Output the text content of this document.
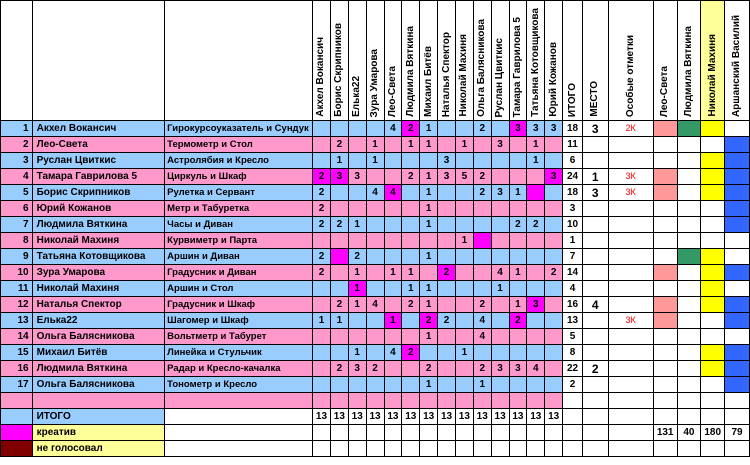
			Акхел Вокансич	Борис Скрипников	Елька22	Зура Умарова	Лео-Света	Людмила Вяткина	Михаил Битёв	Наталья Спектор	Николай Махиня	Ольга Балясникова	Руслан Цвиткис	Тамара Гаврилова 5	Татьяна Котовщикова	Юрий Кожанов	ИТОГО	МЕСТО	Особые отметки	Лео-Света	Людмила Вяткина	Николай Махиня	Аршанский Василий
1	Акхел Вокансич	Гирокурсоуказатель и Сундук					4	2	1			2		3	3	3	18	3	2К				
2	Лео-Света	Термометр и Стол		2		1		1	1		1		3		1		11						
3	Руслан Цвиткис	Астролябия и Кресло		1		1				3					1		6						
4	Тамара Гаврилова 5	Циркуль и Шкаф	2	3	3			2	1	3	5	2				3	24	1	3К				
5	Борис Скрипников	Рулетка и Сервант	2			4	4		1			2	3	1			18	3	3К				
6	Юрий Кожанов	Метр и Табуретка	2						1								3						
7	Людмила Вяткина	Часы и Диван	2	2	1				1					2	2		10						
8	Николай Махиня	Курвиметр и Парта									1						1						
9	Татьяна Котовщикова	Аршин и Диван	2		2				1								7						
10	Зура Умарова	Градусник и Диван	2		1		1	1		2			4	1		2	14						
11	Николай Махиня	Аршин и Стол			1			1	1				1				4						
12	Наталья Спектор	Градусник и Шкаф		2	1	4		2	1			2		1	3		16	4					
13	Елька22	Шагомер и Шкаф	1	1			1		2	2		4		2			13		3К				
14	Ольга Балясникова	Вольтметр и Табурет							1			4					5						
15	Михаил Битёв	Линейка и Стульчик			1		4	2			1						8						
16	Людмила Вяткина	Радар и Кресло-качалка		2	3	2			2			2	3	3	4		22	2					
17	Ольга Балясникова	Тонометр и Кресло							1			1					2						

	ИТОГО		13	13	13	13	13	13	13	13	13	13	13	13	13	13							
	креатив																			131	40	180	79
	не голосовал																						
